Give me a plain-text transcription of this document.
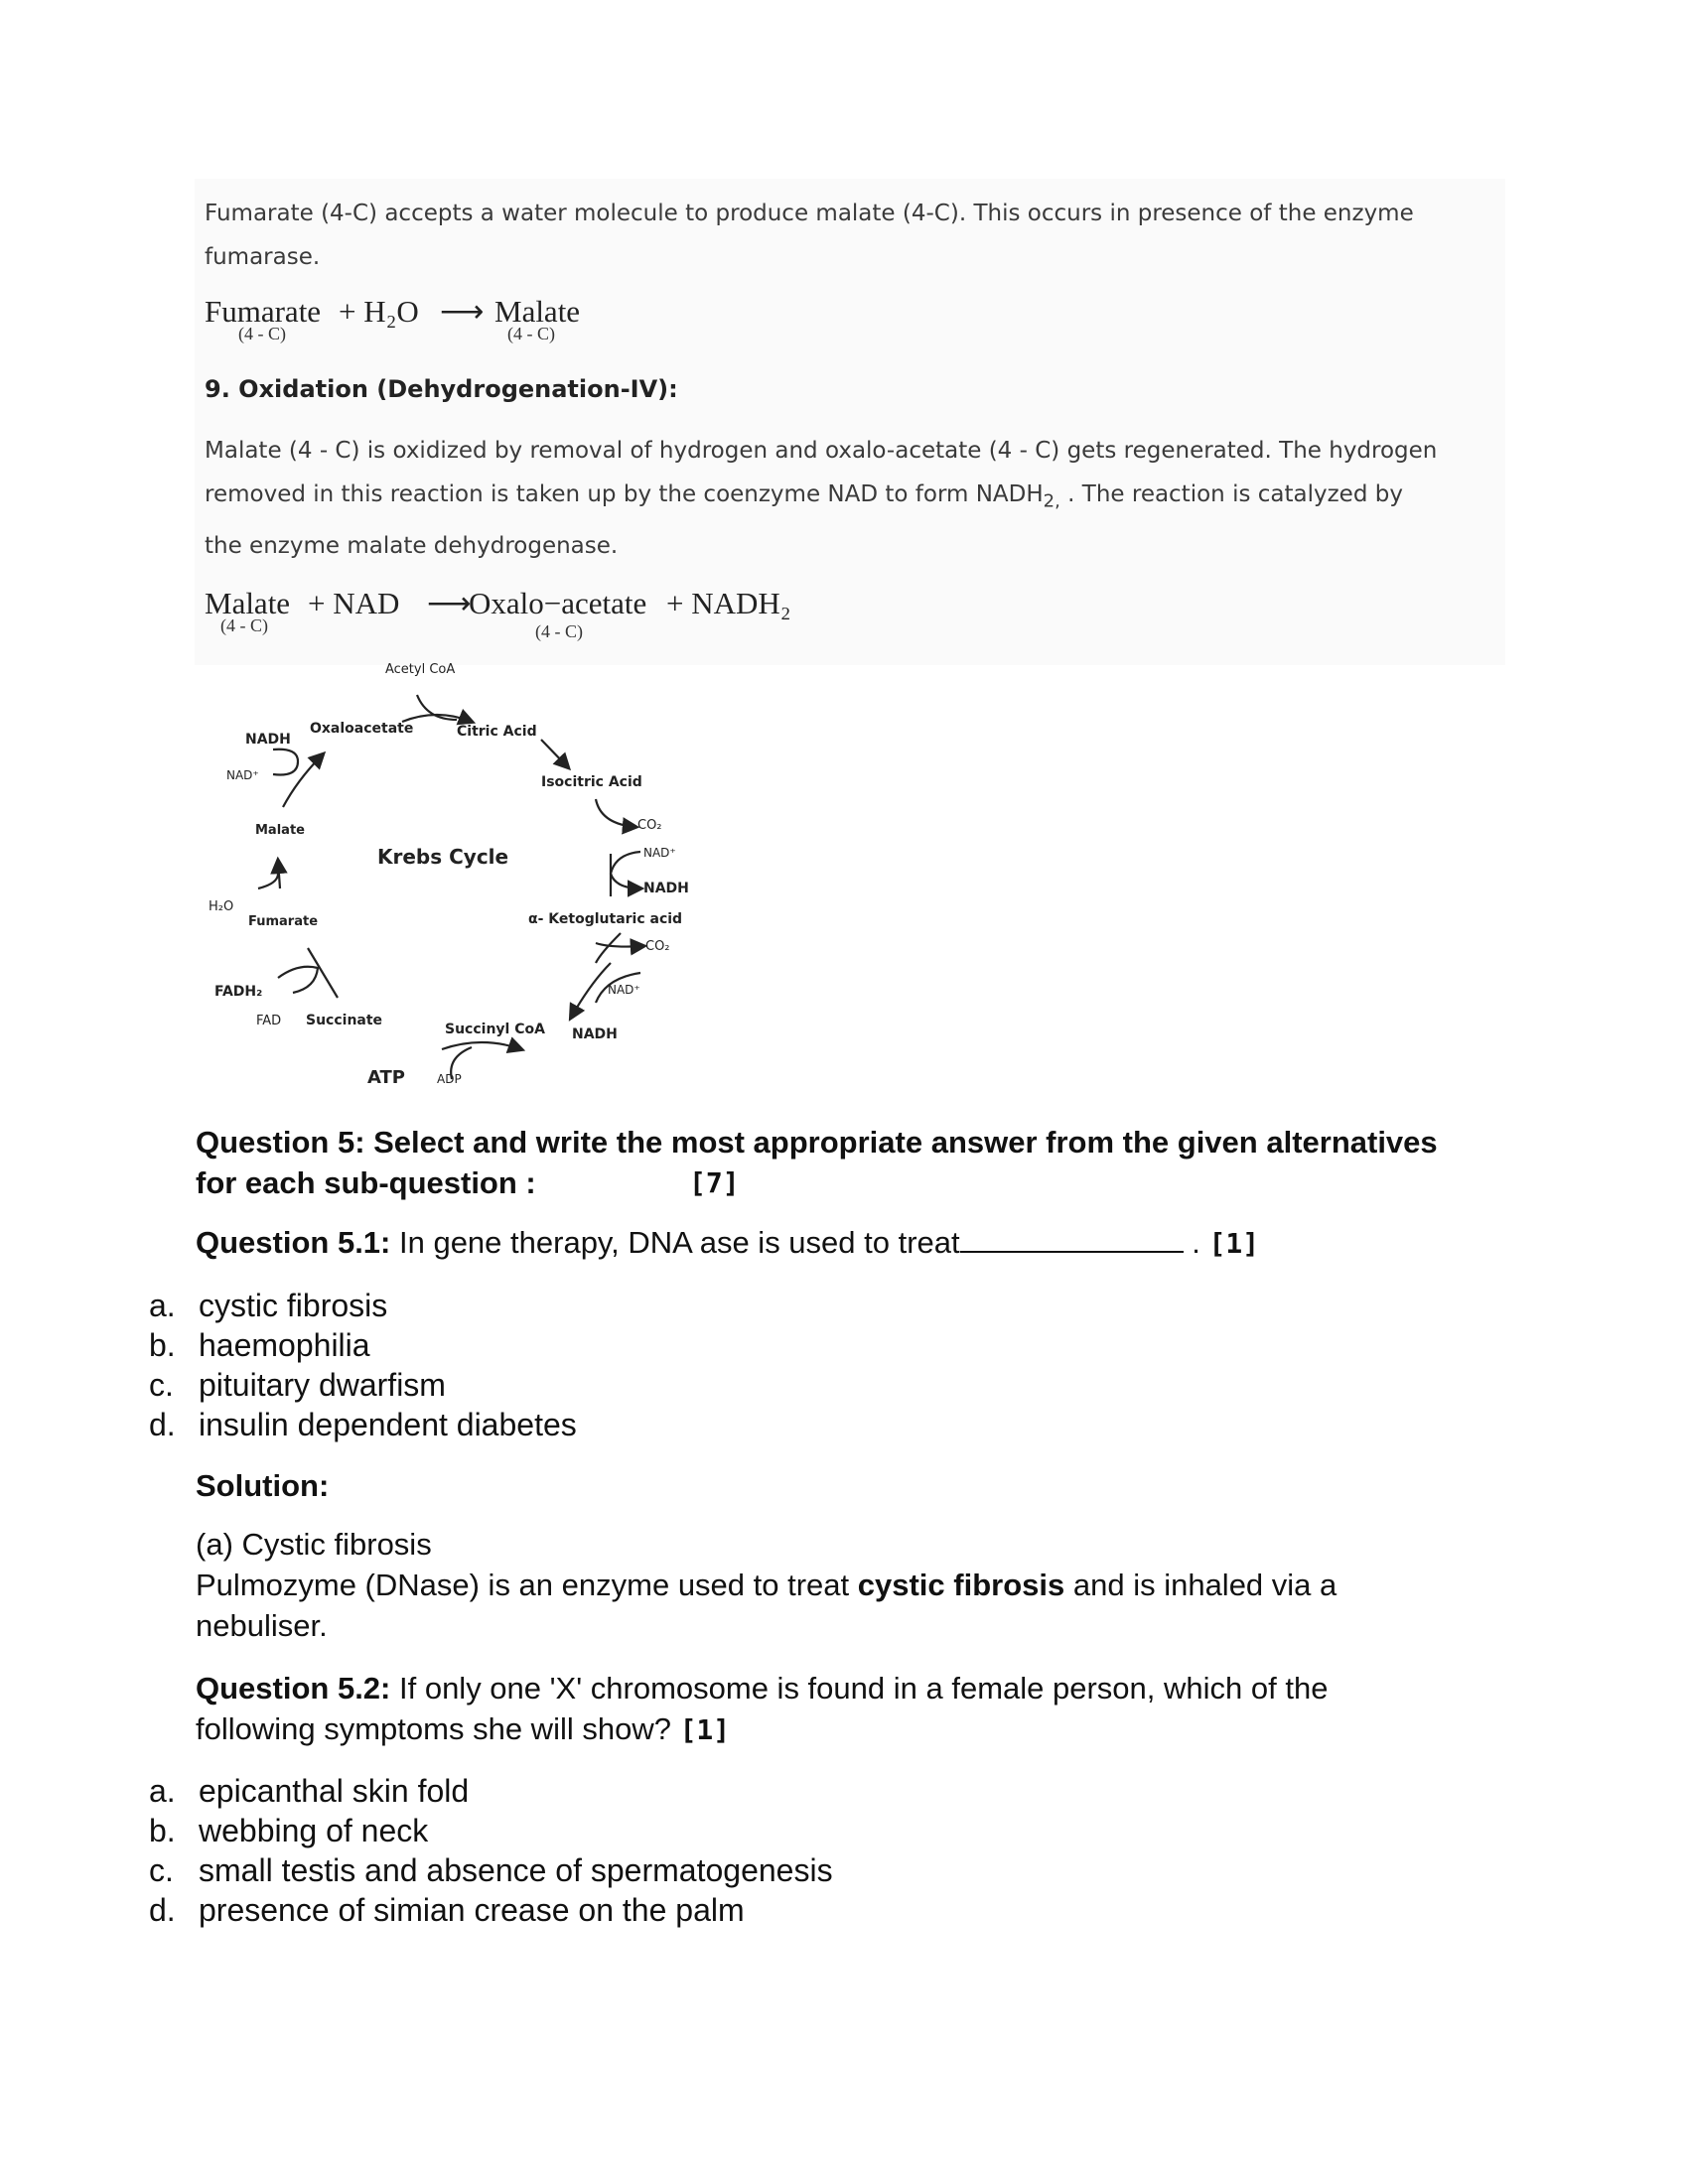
Fumarate (4-C) accepts a water molecule to produce malate (4-C). This occurs in presence of the enzyme
fumarase.
Fumarate + H₂O ⟶ Malate
(4 - C)	(4 - C)
9. Oxidation (Dehydrogenation-IV):
Malate (4 - C) is oxidized by removal of hydrogen and oxalo-acetate (4 - C) gets regenerated. The hydrogen
removed in this reaction is taken up by the coenzyme NAD to form $NADH_{2,}$ . The reaction is catalyzed by
the enzyme malate dehydrogenase.
Malate + NAD ⟶
Oxalo−acetate + NADH₂
(4 - C)	(4 - C)
Acetyl CoA
Oxaloacetate	Citric Acid
Isocitric Acid
CO₂
NAD⁺
NADH
α- Ketoglutaric acid
CO₂
NAD⁺
NADH
Succinyl CoA
ATP	ADP
Succinate
FAD
FADH₂
Fumarate
H₂O
Malate
NAD⁺
NADH
Krebs Cycle
Question 5: Select and write the most appropriate answer from the given alternatives
for each sub-question :	[7]
Question 5.1: In gene therapy, DNA ase is used to treat	. [1]
a. cystic fibrosis
b. haemophilia
c. pituitary dwarfism
d. insulin dependent diabetes
Solution:
(a) Cystic fibrosis
Pulmozyme (DNase) is an enzyme used to treat cystic fibrosis and is inhaled via a
nebuliser.
Question 5.2: If only one 'X' chromosome is found in a female person, which of the
following symptoms she will show? [1]
a. epicanthal skin fold
b. webbing of neck
c. small testis and absence of spermatogenesis
d. presence of simian crease on the palm
